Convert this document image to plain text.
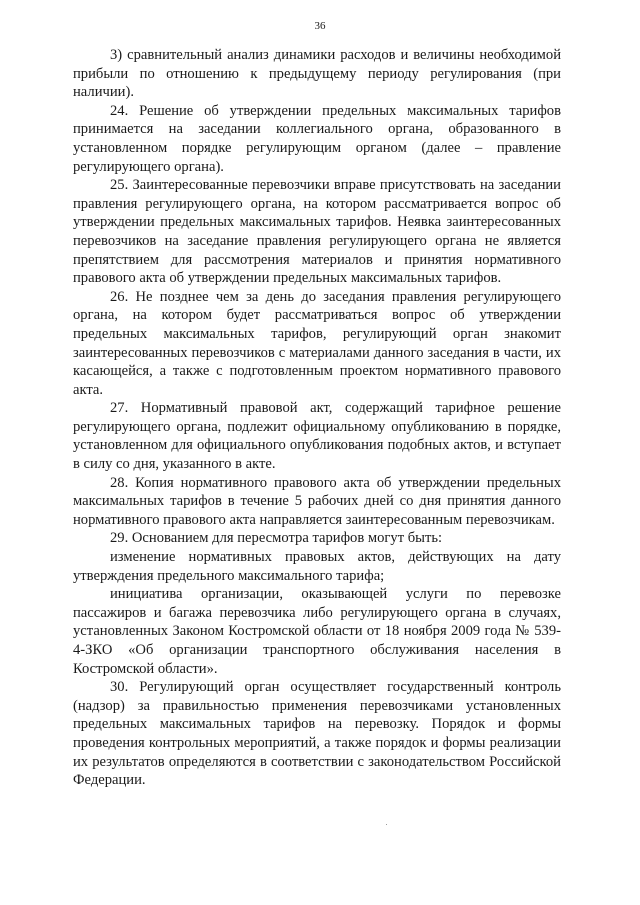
36

3) сравнительный анализ динамики расходов и величины необходимой прибыли по отношению к предыдущему периоду регулирования (при наличии).

24. Решение об утверждении предельных максимальных тарифов принимается на заседании коллегиального органа, образованного в установленном порядке регулирующим органом (далее – правление регулирующего органа).

25. Заинтересованные перевозчики вправе присутствовать на заседании правления регулирующего органа, на котором рассматривается вопрос об утверждении предельных максимальных тарифов. Неявка заинтересованных перевозчиков на заседание правления регулирующего органа не является препятствием для рассмотрения материалов и принятия нормативного правового акта об утверждении предельных максимальных тарифов.

26. Не позднее чем за день до заседания правления регулирующего органа, на котором будет рассматриваться вопрос об утверждении предельных максимальных тарифов, регулирующий орган знакомит заинтересованных перевозчиков с материалами данного заседания в части, их касающейся, а также с подготовленным проектом нормативного правового акта.

27. Нормативный правовой акт, содержащий тарифное решение регулирующего органа, подлежит официальному опубликованию в порядке, установленном для официального опубликования подобных актов, и вступает в силу со дня, указанного в акте.

28. Копия нормативного правового акта об утверждении предельных максимальных тарифов в течение 5 рабочих дней со дня принятия данного нормативного правового акта направляется заинтересованным перевозчикам.

29. Основанием для пересмотра тарифов могут быть:

изменение нормативных правовых актов, действующих на дату утверждения предельного максимального тарифа;

инициатива организации, оказывающей услуги по перевозке пассажиров и багажа перевозчика либо регулирующего органа в случаях, установленных Законом Костромской области от 18 ноября 2009 года № 539-4-ЗКО «Об организации транспортного обслуживания населения в Костромской области».

30. Регулирующий орган осуществляет государственный контроль (надзор) за правильностью применения перевозчиками установленных предельных максимальных тарифов на перевозку. Порядок и формы проведения контрольных мероприятий, а также порядок и формы реализации их результатов определяются в соответствии с законодательством Российской Федерации.
